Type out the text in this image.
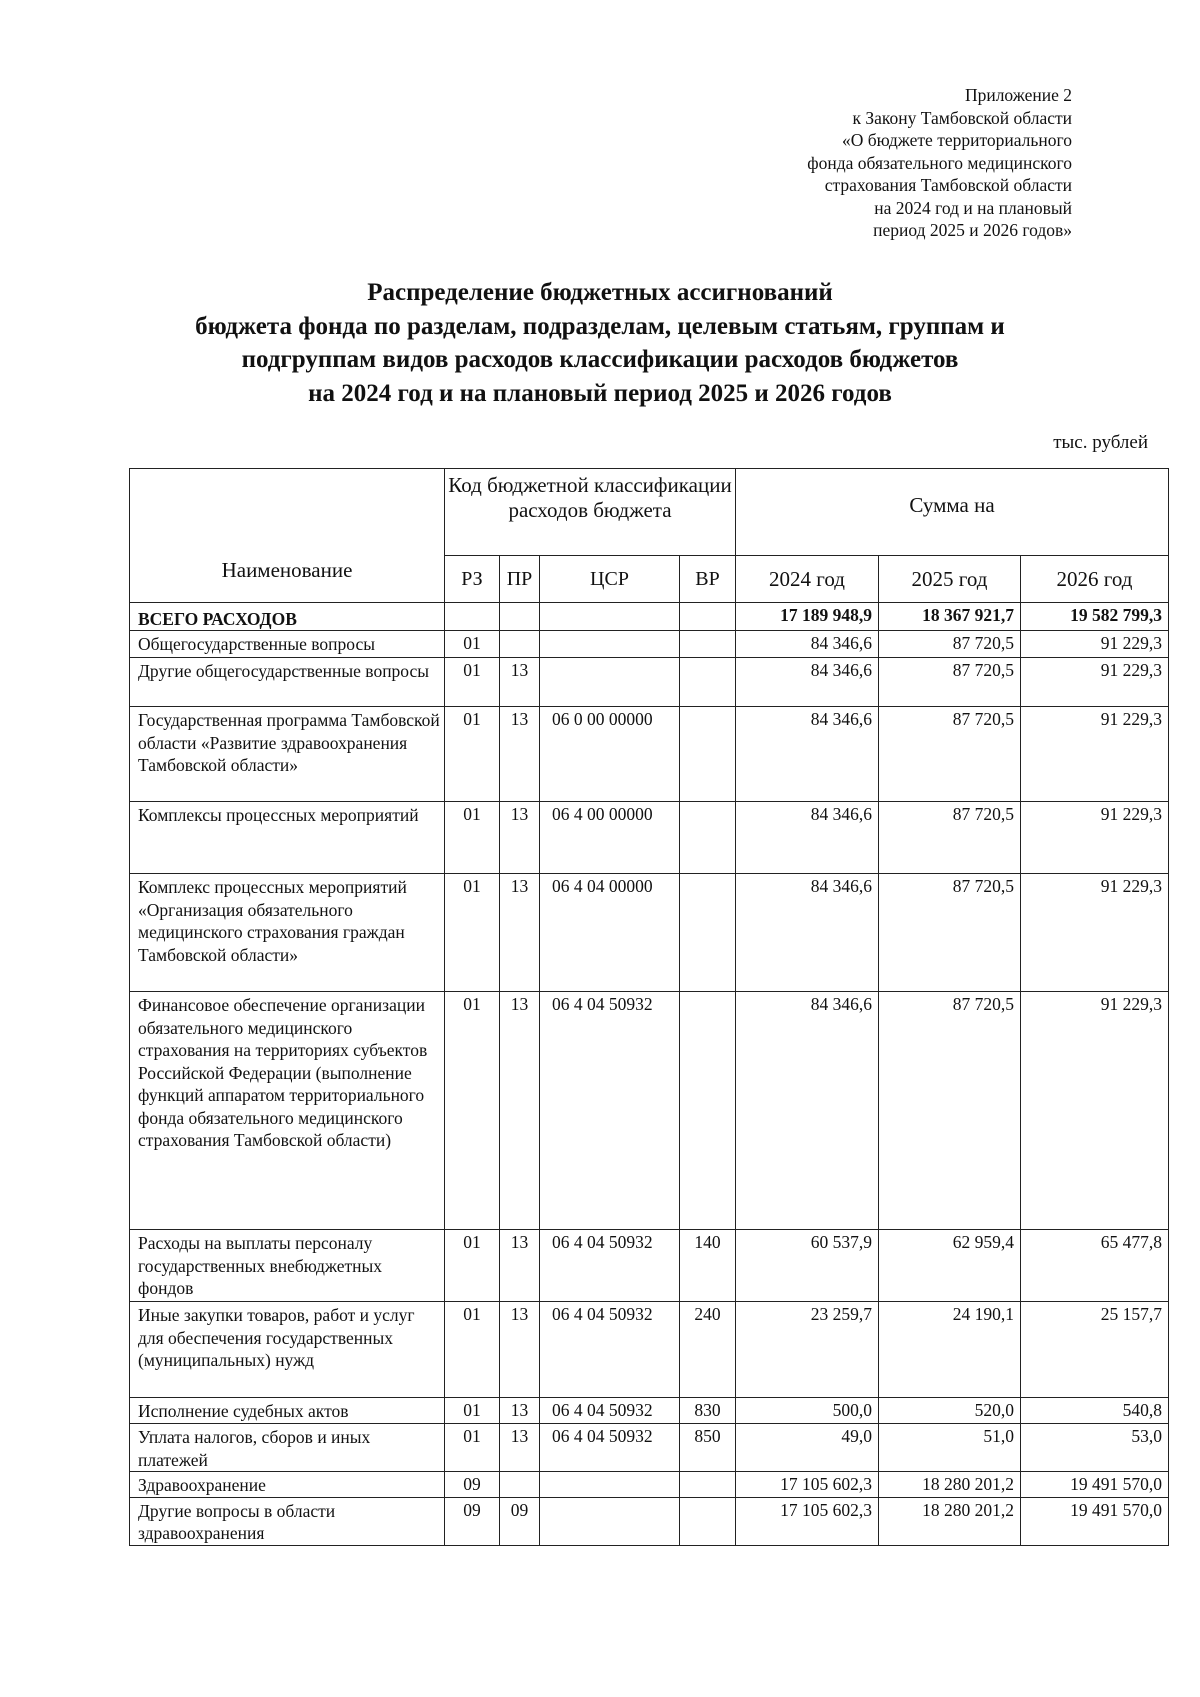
Приложение 2
к Закону Тамбовской области
«О бюджете территориального
фонда обязательного медицинского
страхования Тамбовской области
на 2024 год и на плановый
период 2025 и 2026 годов»
Распределение бюджетных ассигнований
бюджета фонда по разделам, подразделам, целевым статьям, группам и
подгруппам видов расходов классификации расходов бюджетов
на 2024 год и на плановый период 2025 и 2026 годов
тыс. рублей
Наименование	Код бюджетной классификации расходов бюджета				Сумма на		
	РЗ	ПР	ЦСР	ВР	2024 год	2025 год	2026 год
ВСЕГО РАСХОДОВ					17 189 948,9	18 367 921,7	19 582 799,3
Общегосударственные вопросы	01				84 346,6	87 720,5	91 229,3
Другие общегосударственные вопросы	01	13			84 346,6	87 720,5	91 229,3
Государственная программа Тамбовской области «Развитие здравоохранения Тамбовской области»	01	13	06 0 00 00000		84 346,6	87 720,5	91 229,3
Комплексы процессных мероприятий	01	13	06 4 00 00000		84 346,6	87 720,5	91 229,3
Комплекс процессных мероприятий «Организация обязательного медицинского страхования граждан Тамбовской области»	01	13	06 4 04 00000		84 346,6	87 720,5	91 229,3
Финансовое обеспечение организации обязательного медицинского страхования на территориях субъектов Российской Федерации (выполнение функций аппаратом территориального фонда обязательного медицинского страхования Тамбовской области)	01	13	06 4 04 50932		84 346,6	87 720,5	91 229,3
Расходы на выплаты персоналу государственных внебюджетных фондов	01	13	06 4 04 50932	140	60 537,9	62 959,4	65 477,8
Иные закупки товаров, работ и услуг для обеспечения государственных (муниципальных) нужд	01	13	06 4 04 50932	240	23 259,7	24 190,1	25 157,7
Исполнение судебных актов	01	13	06 4 04 50932	830	500,0	520,0	540,8
Уплата налогов, сборов и иных платежей	01	13	06 4 04 50932	850	49,0	51,0	53,0
Здравоохранение	09				17 105 602,3	18 280 201,2	19 491 570,0
Другие вопросы в области здравоохранения	09	09			17 105 602,3	18 280 201,2	19 491 570,0
